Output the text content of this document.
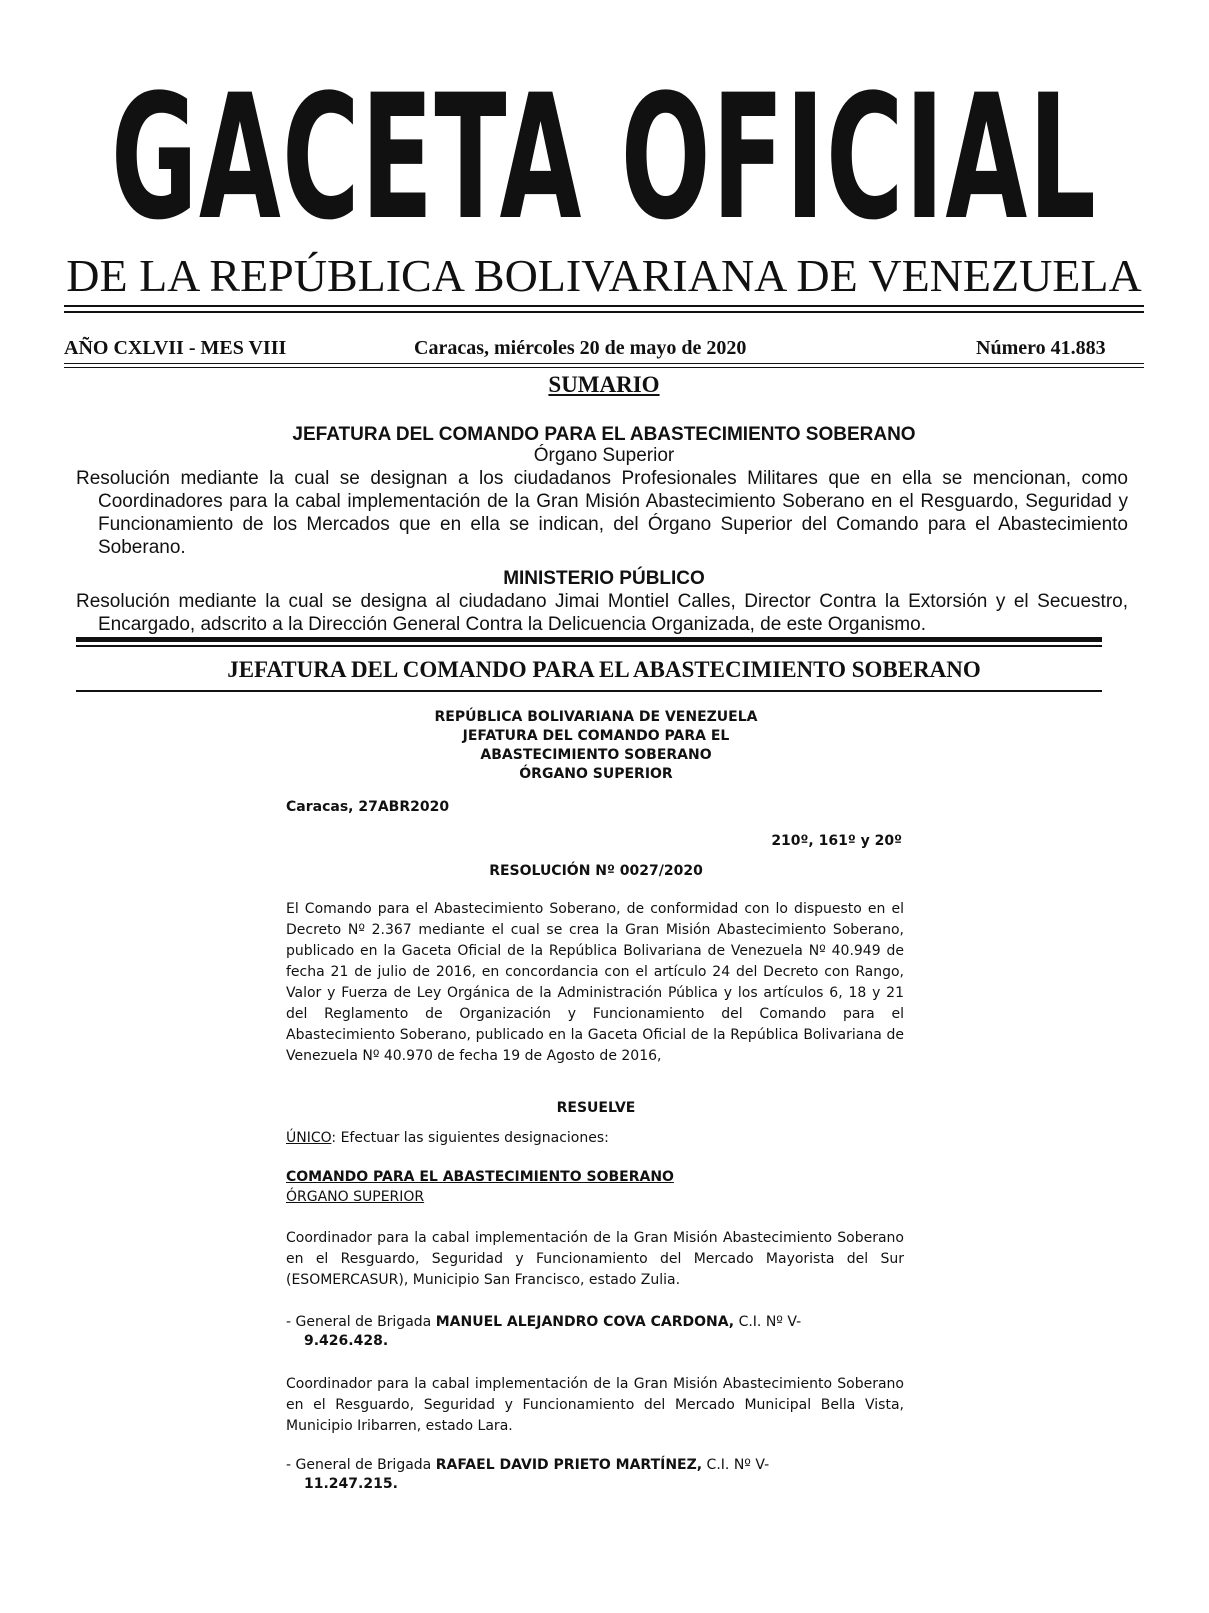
GACETA OFICIAL
DE LA REPÚBLICA BOLIVARIANA DE VENEZUELA
AÑO CXLVII - MES VIII	Caracas, miércoles 20 de mayo de 2020	Número 41.883
SUMARIO
JEFATURA DEL COMANDO PARA EL ABASTECIMIENTO SOBERANO
Órgano Superior
Resolución mediante la cual se designan a los ciudadanos Profesionales Militares que en ella se mencionan, como Coordinadores para la cabal implementación de la Gran Misión Abastecimiento Soberano en el Resguardo, Seguridad y Funcionamiento de los Mercados que en ella se indican, del Órgano Superior del Comando para el Abastecimiento Soberano.
MINISTERIO PÚBLICO
Resolución mediante la cual se designa al ciudadano Jimai Montiel Calles, Director Contra la Extorsión y el Secuestro, Encargado, adscrito a la Dirección General Contra la Delicuencia Organizada, de este Organismo.
JEFATURA DEL COMANDO PARA EL ABASTECIMIENTO SOBERANO
REPÚBLICA BOLIVARIANA DE VENEZUELA
JEFATURA DEL COMANDO PARA EL
ABASTECIMIENTO SOBERANO
ÓRGANO SUPERIOR
Caracas, 27ABR2020
210º, 161º y 20º
RESOLUCIÓN Nº 0027/2020
El Comando para el Abastecimiento Soberano, de conformidad con lo dispuesto en el Decreto Nº 2.367 mediante el cual se crea la Gran Misión Abastecimiento Soberano, publicado en la Gaceta Oficial de la República Bolivariana de Venezuela Nº 40.949 de fecha 21 de julio de 2016, en concordancia con el artículo 24 del Decreto con Rango, Valor y Fuerza de Ley Orgánica de la Administración Pública y los artículos 6, 18 y 21 del Reglamento de Organización y Funcionamiento del Comando para el Abastecimiento Soberano, publicado en la Gaceta Oficial de la República Bolivariana de Venezuela Nº 40.970 de fecha 19 de Agosto de 2016,
RESUELVE
ÚNICO: Efectuar las siguientes designaciones:
COMANDO PARA EL ABASTECIMIENTO SOBERANO
ÓRGANO SUPERIOR
Coordinador para la cabal implementación de la Gran Misión Abastecimiento Soberano en el Resguardo, Seguridad y Funcionamiento del Mercado Mayorista del Sur (ESOMERCASUR), Municipio San Francisco, estado Zulia.
- General de Brigada MANUEL ALEJANDRO COVA CARDONA, C.I. Nº V-
9.426.428.
Coordinador para la cabal implementación de la Gran Misión Abastecimiento Soberano en el Resguardo, Seguridad y Funcionamiento del Mercado Municipal Bella Vista, Municipio Iribarren, estado Lara.
- General de Brigada RAFAEL DAVID PRIETO MARTÍNEZ, C.I. Nº V-
11.247.215.
